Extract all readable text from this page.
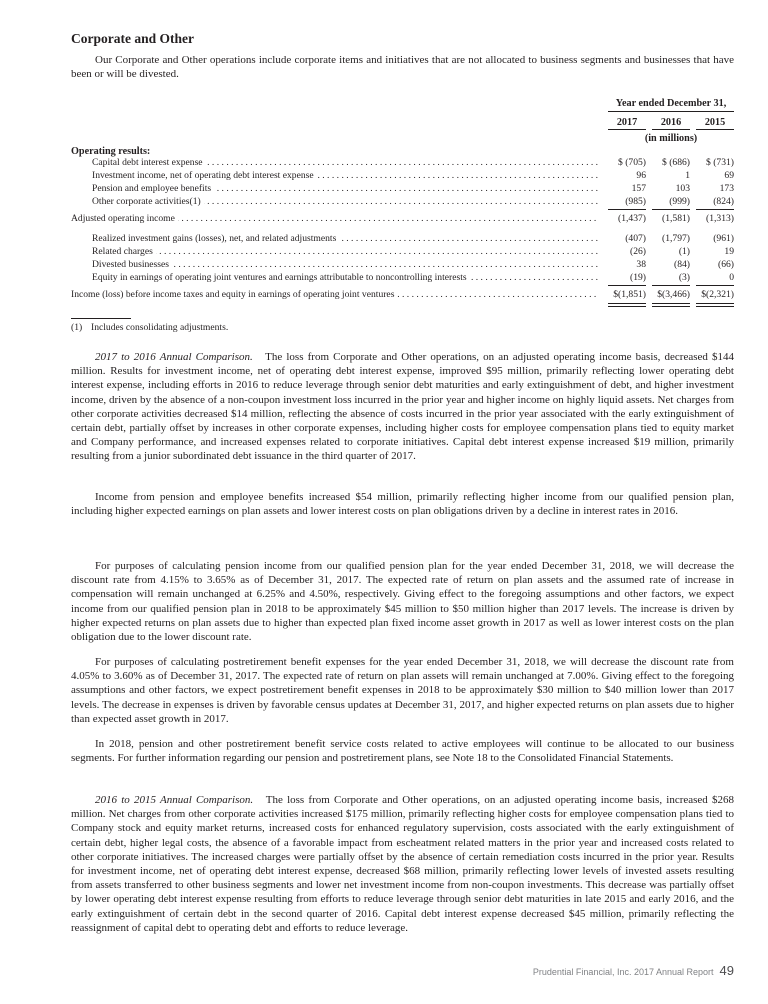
Corporate and Other

Our Corporate and Other operations include corporate items and initiatives that are not allocated to business segments and businesses that have been or will be divested.

Year ended December 31,
2017	2016	2015
(in millions)
Operating results:
Capital debt interest expense . . .	$ (705)	$ (686)	$ (731)
Investment income, net of operating debt interest expense . . .	96	1	69
Pension and employee benefits . . .	157	103	173
Other corporate activities(1) . . .	(985)	(999)	(824)
Adjusted operating income . . .	(1,437)	(1,581)	(1,313)
Realized investment gains (losses), net, and related adjustments . . .	(407)	(1,797)	(961)
Related charges . . .	(26)	(1)	19
Divested businesses . . .	38	(84)	(66)
Equity in earnings of operating joint ventures and earnings attributable to noncontrolling interests . . .	(19)	(3)	0
Income (loss) before income taxes and equity in earnings of operating joint ventures . . .	$(1,851)	$(3,466)	$(2,321)
(1) Includes consolidating adjustments.

2017 to 2016 Annual Comparison. The loss from Corporate and Other operations, on an adjusted operating income basis, decreased $144 million. Results for investment income, net of operating debt interest expense, improved $95 million, primarily reflecting lower operating debt interest expense, including efforts in 2016 to reduce leverage through senior debt maturities and early extinguishment of debt, and higher investment income, driven by the absence of a non-coupon investment loss incurred in the prior year and higher income on highly liquid assets. Net charges from other corporate activities decreased $14 million, reflecting the absence of costs incurred in the prior year associated with the early extinguishment of certain debt, partially offset by increases in other corporate expenses, including higher costs for employee compensation plans tied to equity market and Company performance, and increased expenses related to corporate initiatives. Capital debt interest expense increased $19 million, primarily resulting from a junior subordinated debt issuance in the third quarter of 2017.

Income from pension and employee benefits increased $54 million, primarily reflecting higher income from our qualified pension plan, including higher expected earnings on plan assets and lower interest costs on plan obligations driven by a decline in interest rates in 2016.

For purposes of calculating pension income from our qualified pension plan for the year ended December 31, 2018, we will decrease the discount rate from 4.15% to 3.65% as of December 31, 2017. The expected rate of return on plan assets and the assumed rate of increase in compensation will remain unchanged at 6.25% and 4.50%, respectively. Giving effect to the foregoing assumptions and other factors, we expect income from our qualified pension plan in 2018 to be approximately $45 million to $50 million higher than 2017 levels. The increase is driven by higher expected returns on plan assets due to higher than expected plan fixed income asset growth in 2017 as well as lower interest costs on the plan obligation due to the lower discount rate.

For purposes of calculating postretirement benefit expenses for the year ended December 31, 2018, we will decrease the discount rate from 4.05% to 3.60% as of December 31, 2017. The expected rate of return on plan assets will remain unchanged at 7.00%. Giving effect to the foregoing assumptions and other factors, we expect postretirement benefit expenses in 2018 to be approximately $30 million to $40 million lower than 2017 levels. The decrease in expenses is driven by favorable census updates at December 31, 2017, and higher expected returns on plan assets due to higher than expected asset growth in 2017.

In 2018, pension and other postretirement benefit service costs related to active employees will continue to be allocated to our business segments. For further information regarding our pension and postretirement plans, see Note 18 to the Consolidated Financial Statements.

2016 to 2015 Annual Comparison. The loss from Corporate and Other operations, on an adjusted operating income basis, increased $268 million. Net charges from other corporate activities increased $175 million, primarily reflecting higher costs for employee compensation plans tied to Company stock and equity market returns, increased costs for enhanced regulatory supervision, costs associated with the early extinguishment of certain debt, higher legal costs, the absence of a favorable impact from escheatment related matters in the prior year and increased costs related to other corporate initiatives. The increased charges were partially offset by the absence of certain remediation costs incurred in the prior year. Results for investment income, net of operating debt interest expense, decreased $68 million, primarily reflecting lower levels of invested assets resulting from assets transferred to other business segments and lower net investment income from non-coupon investments. This decrease was partially offset by lower operating debt interest expense resulting from efforts to reduce leverage through senior debt maturities in late 2015 and early 2016, and the early extinguishment of certain debt in the second quarter of 2016. Capital debt interest expense decreased $45 million, primarily reflecting the reassignment of capital debt to operating debt and efforts to reduce leverage.

Prudential Financial, Inc. 2017 Annual Report 49
